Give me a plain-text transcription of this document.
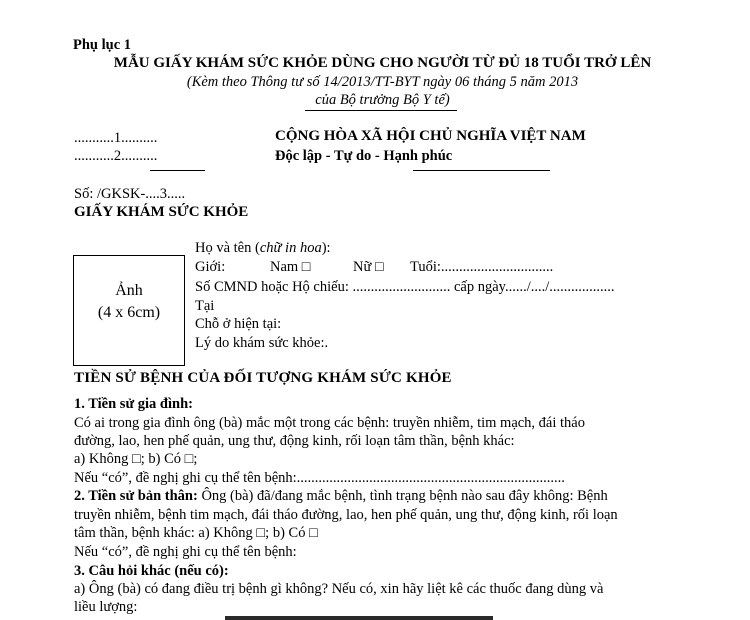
Phụ lục 1
MẪU GIẤY KHÁM SỨC KHỎE DÙNG CHO NGƯỜI TỪ ĐỦ 18 TUỔI TRỞ LÊN
(Kèm theo Thông tư số 14/2013/TT-BYT ngày 06 tháng 5 năm 2013
của Bộ trưởng Bộ Y tế)
...........1..........
...........2..........
CỘNG HÒA XÃ HỘI CHỦ NGHĨA VIỆT NAM
Độc lập - Tự do - Hạnh phúc
Số: /GKSK-....3.....
GIẤY KHÁM SỨC KHỎE
Ảnh
(4 x 6cm)
Họ và tên (chữ in hoa):
Giới:	Nam □	Nữ □ Tuổi:...............................
Số CMND hoặc Hộ chiếu: ........................... cấp ngày....../..../..................
Tại
Chỗ ở hiện tại:
Lý do khám sức khỏe:.
TIỀN SỬ BỆNH CỦA ĐỐI TƯỢNG KHÁM SỨC KHỎE
1. Tiền sử gia đình:
Có ai trong gia đình ông (bà) mắc một trong các bệnh: truyền nhiễm, tim mạch, đái tháo
đường, lao, hen phế quản, ung thư, động kinh, rối loạn tâm thần, bệnh khác:
a) Không □; b) Có □;
Nếu “có”, đề nghị ghi cụ thể tên bệnh:..........................................................................
2. Tiền sử bản thân: Ông (bà) đã/đang mắc bệnh, tình trạng bệnh nào sau đây không: Bệnh
truyền nhiễm, bệnh tim mạch, đái tháo đường, lao, hen phế quản, ung thư, động kinh, rối loạn
tâm thần, bệnh khác: a) Không □; b) Có □
Nếu “có”, đề nghị ghi cụ thể tên bệnh:
3. Câu hỏi khác (nếu có):
a) Ông (bà) có đang điều trị bệnh gì không? Nếu có, xin hãy liệt kê các thuốc đang dùng và
liều lượng:
